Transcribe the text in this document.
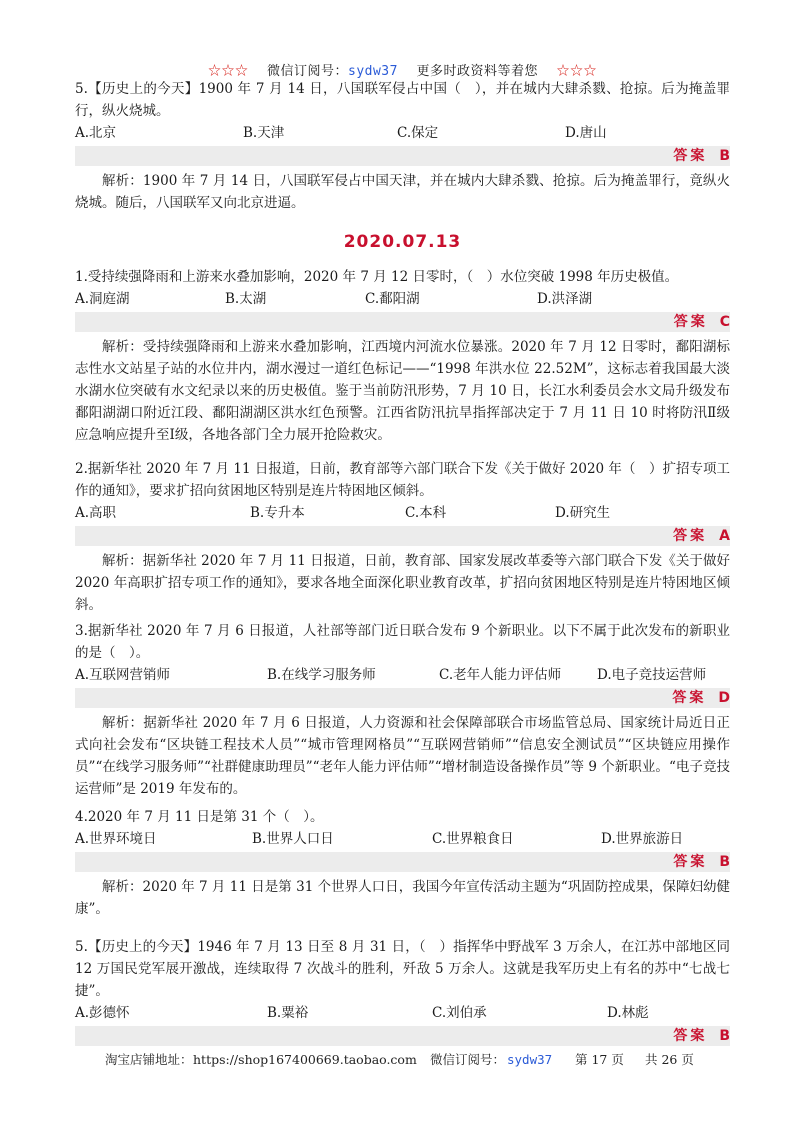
☆☆☆ 微信订阅号：sydw37 更多时政资料等着您 ☆☆☆

5.【历史上的今天】1900 年 7 月 14 日，八国联军侵占中国（　），并在城内大肆杀戮、抢掠。后为掩盖罪行，纵火烧城。

A.北京	B.天津	C.保定	D.唐山
答案 B

解析：1900 年 7 月 14 日，八国联军侵占中国天津，并在城内大肆杀戮、抢掠。后为掩盖罪行，竟纵火烧城。随后，八国联军又向北京进逼。

2020.07.13

1.受持续强降雨和上游来水叠加影响，2020 年 7 月 12 日零时，（　）水位突破 1998 年历史极值。

A.洞庭湖	B.太湖	C.鄱阳湖	D.洪泽湖
答案 C

解析：受持续强降雨和上游来水叠加影响，江西境内河流水位暴涨。2020 年 7 月 12 日零时，鄱阳湖标志性水文站星子站的水位井内，湖水漫过一道红色标记——“1998 年洪水位 22.52M”，这标志着我国最大淡水湖水位突破有水文纪录以来的历史极值。鉴于当前防汛形势，7 月 10 日，长江水利委员会水文局升级发布鄱阳湖湖口附近江段、鄱阳湖湖区洪水红色预警。江西省防汛抗旱指挥部决定于 7 月 11 日 10 时将防汛Ⅱ级应急响应提升至Ⅰ级，各地各部门全力展开抢险救灾。

2.据新华社 2020 年 7 月 11 日报道，日前，教育部等六部门联合下发《关于做好 2020 年（　）扩招专项工作的通知》，要求扩招向贫困地区特别是连片特困地区倾斜。

A.高职	B.专升本	C.本科	D.研究生
答案 A

解析：据新华社 2020 年 7 月 11 日报道，日前，教育部、国家发展改革委等六部门联合下发《关于做好 2020 年高职扩招专项工作的通知》，要求各地全面深化职业教育改革，扩招向贫困地区特别是连片特困地区倾斜。

3.据新华社 2020 年 7 月 6 日报道，人社部等部门近日联合发布 9 个新职业。以下不属于此次发布的新职业的是（　）。

A.互联网营销师	B.在线学习服务师	C.老年人能力评估师	D.电子竞技运营师
答案 D

解析：据新华社 2020 年 7 月 6 日报道，人力资源和社会保障部联合市场监管总局、国家统计局近日正式向社会发布“区块链工程技术人员”“城市管理网格员”“互联网营销师”“信息安全测试员”“区块链应用操作员”“在线学习服务师”“社群健康助理员”“老年人能力评估师”“增材制造设备操作员”等 9 个新职业。“电子竞技运营师”是 2019 年发布的。

4.2020 年 7 月 11 日是第 31 个（　）。

A.世界环境日	B.世界人口日	C.世界粮食日	D.世界旅游日
答案 B

解析：2020 年 7 月 11 日是第 31 个世界人口日，我国今年宣传活动主题为“巩固防控成果，保障妇幼健康”。

5.【历史上的今天】1946 年 7 月 13 日至 8 月 31 日，（　）指挥华中野战军 3 万余人，在江苏中部地区同 12 万国民党军展开激战，连续取得 7 次战斗的胜利，歼敌 5 万余人。这就是我军历史上有名的苏中“七战七捷”。

A.彭德怀	B.粟裕	C.刘伯承	D.林彪
答案 B
淘宝店铺地址： https://shop167400669.taobao.com 微信订阅号： sydw37 第 17 页 共 26 页
